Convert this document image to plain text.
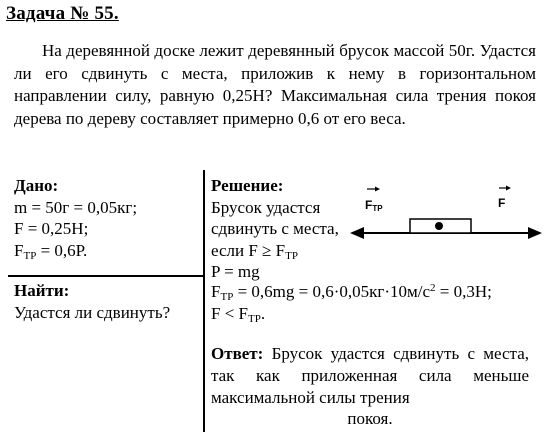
Задача № 55.

На деревянной доске лежит деревянный брусок массой 50г. Удастся ли его сдвинуть с места, приложив к нему в горизонтальном направлении силу, равную 0,25Н? Максимальная сила трения покоя дерева по дереву составляет примерно 0,6 от его веса.

Дано:
m = 50г = 0,05кг;
F = 0,25Н;
$F_{ТР} = 0,6Р$.
Найти:
Удастся ли сдвинуть?
Решение:
Брусок удастся
сдвинуть с места,
если $F \ge F_{ТР}$
P = mg
$F_{ТР} = 0,6mg = 0,6\cdot 0,05кг\cdot 10м/с^2 = 0,3Н$;
$F < F_{ТР}$.
FТР	F
Ответ: Брусок удастся сдвинуть с места, так как приложенная сила меньше максимальной силы трения
покоя.
